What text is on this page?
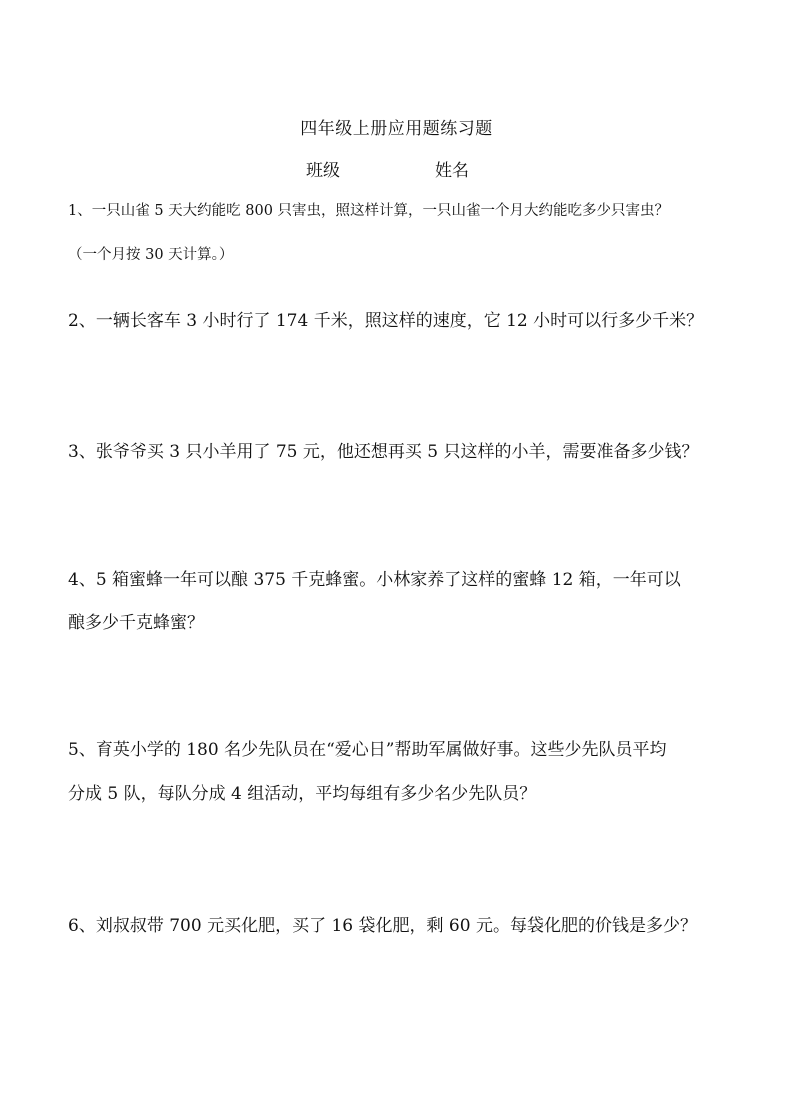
四年级上册应用题练习题
班级	姓名
1、一只山雀 5 天大约能吃 800 只害虫，照这样计算，一只山雀一个月大约能吃多少只害虫？
（一个月按 30 天计算。）
2、一辆长客车 3 小时行了 174 千米，照这样的速度，它 12 小时可以行多少千米？
3、张爷爷买 3 只小羊用了 75 元，他还想再买 5 只这样的小羊，需要准备多少钱？
4、5 箱蜜蜂一年可以酿 375 千克蜂蜜。小林家养了这样的蜜蜂 12 箱，一年可以
酿多少千克蜂蜜？
5、育英小学的 180 名少先队员在“爱心日”帮助军属做好事。这些少先队员平均
分成 5 队，每队分成 4 组活动，平均每组有多少名少先队员？
6、刘叔叔带 700 元买化肥，买了 16 袋化肥，剩 60 元。每袋化肥的价钱是多少？
